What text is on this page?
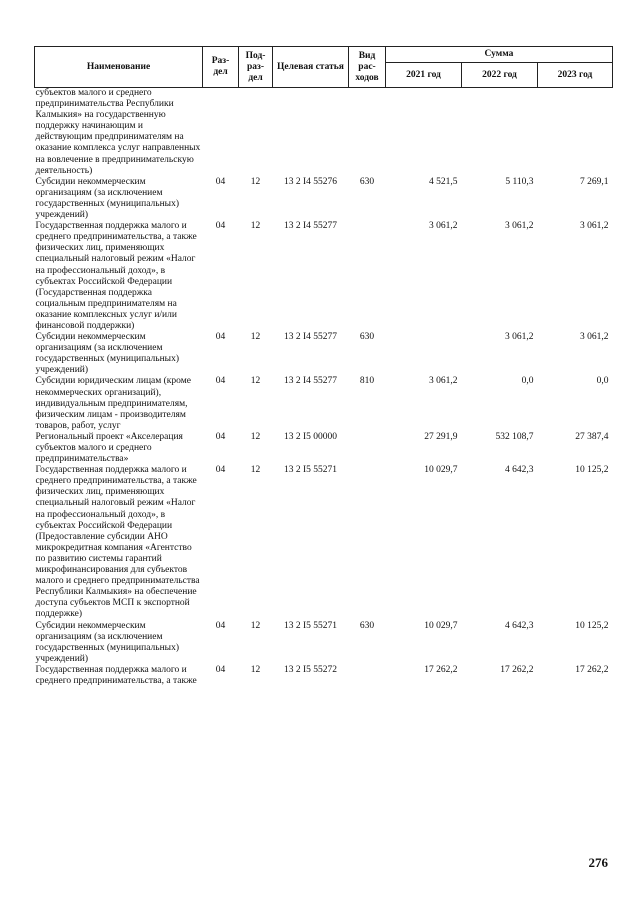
Наименование	Раз-дел	Под-раз-дел	Целевая статья	Вид рас-ходов	Сумма		
					2021 год	2022 год	2023 год
субъектов малого и среднего предпринимательства Республики Калмыкия» на государственную поддержку начинающим и действующим предпринимателям на оказание комплекса услуг направленных на вовлечение в предпринимательскую деятельность)							
Субсидии некоммерческим организациям (за исключением государственных (муниципальных) учреждений)	04	12	13 2 I4 55276	630	4 521,5	5 110,3	7 269,1
Государственная поддержка малого и среднего предпринимательства, а также физических лиц, применяющих специальный налоговый режим «Налог на профессиональный доход», в субъектах Российской Федерации (Государственная поддержка социальным предпринимателям на оказание комплексных услуг и/или финансовой поддержки)	04	12	13 2 I4 55277		3 061,2	3 061,2	3 061,2
Субсидии некоммерческим организациям (за исключением государственных (муниципальных) учреждений)	04	12	13 2 I4 55277	630		3 061,2	3 061,2
Субсидии юридическим лицам (кроме некоммерческих организаций), индивидуальным предпринимателям, физическим лицам - производителям товаров, работ, услуг	04	12	13 2 I4 55277	810	3 061,2	0,0	0,0
Региональный проект «Акселерация субъектов малого и среднего предпринимательства»	04	12	13 2 I5 00000		27 291,9	532 108,7	27 387,4
Государственная поддержка малого и среднего предпринимательства, а также физических лиц, применяющих специальный налоговый режим «Налог на профессиональный доход», в субъектах Российской Федерации (Предоставление субсидии АНО микрокредитная компания «Агентство по развитию системы гарантий микрофинансирования для субъектов малого и среднего предпринимательства Республики Калмыкия» на обеспечение доступа субъектов МСП к экспортной поддержке)	04	12	13 2 I5 55271		10 029,7	4 642,3	10 125,2
Субсидии некоммерческим организациям (за исключением государственных (муниципальных) учреждений)	04	12	13 2 I5 55271	630	10 029,7	4 642,3	10 125,2
Государственная поддержка малого и среднего предпринимательства, а также	04	12	13 2 I5 55272		17 262,2	17 262,2	17 262,2
276
